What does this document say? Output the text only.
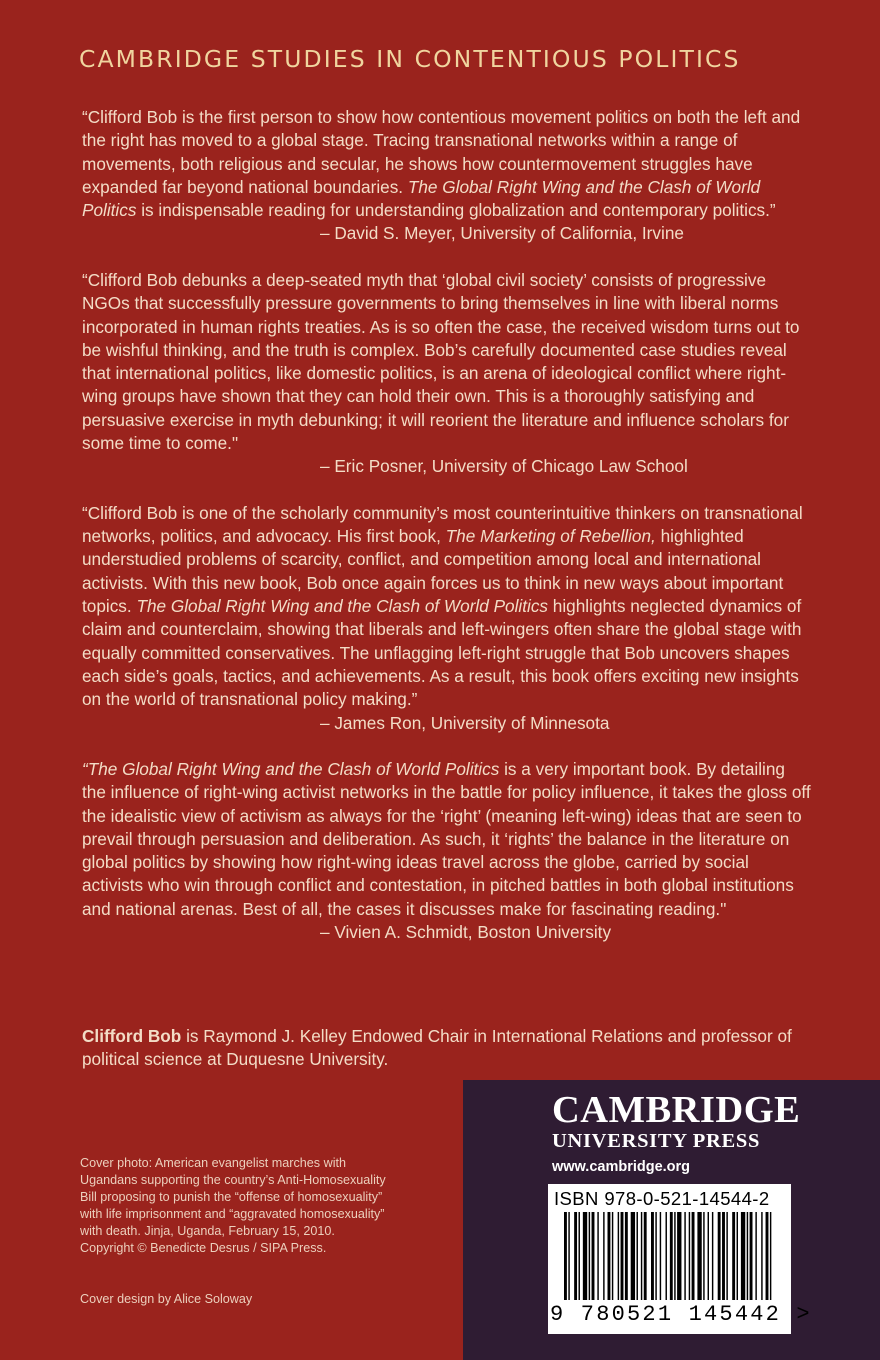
CAMBRIDGE STUDIES IN CONTENTIOUS POLITICS

“Clifford Bob is the first person to show how contentious movement politics on both the left and the right has moved to a global stage. Tracing transnational networks within a range of movements, both religious and secular, he shows how countermovement struggles have expanded far beyond national boundaries. The Global Right Wing and the Clash of World Politics is indispensable reading for understanding globalization and contemporary politics.”

– David S. Meyer, University of California, Irvine

“Clifford Bob debunks a deep-seated myth that ‘global civil society’ consists of progressive NGOs that successfully pressure governments to bring themselves in line with liberal norms incorporated in human rights treaties. As is so often the case, the received wisdom turns out to be wishful thinking, and the truth is complex. Bob’s carefully documented case studies reveal that international politics, like domestic politics, is an arena of ideological conflict where right-wing groups have shown that they can hold their own. This is a thoroughly satisfying and persuasive exercise in myth debunking; it will reorient the literature and influence scholars for some time to come."

– Eric Posner, University of Chicago Law School

“Clifford Bob is one of the scholarly community’s most counterintuitive thinkers on transnational networks, politics, and advocacy. His first book, The Marketing of Rebellion, highlighted understudied problems of scarcity, conflict, and competition among local and international activists. With this new book, Bob once again forces us to think in new ways about important topics. The Global Right Wing and the Clash of World Politics highlights neglected dynamics of claim and counterclaim, showing that liberals and left-wingers often share the global stage with equally committed conservatives. The unflagging left-right struggle that Bob uncovers shapes each side’s goals, tactics, and achievements. As a result, this book offers exciting new insights on the world of transnational policy making.”

– James Ron, University of Minnesota

“The Global Right Wing and the Clash of World Politics is a very important book. By detailing the influence of right-wing activist networks in the battle for policy influence, it takes the gloss off the idealistic view of activism as always for the ‘right’ (meaning left-wing) ideas that are seen to prevail through persuasion and deliberation. As such, it ‘rights’ the balance in the literature on global politics by showing how right-wing ideas travel across the globe, carried by social activists who win through conflict and contestation, in pitched battles in both global institutions and national arenas. Best of all, the cases it discusses make for fascinating reading."

– Vivien A. Schmidt, Boston University

Clifford Bob is Raymond J. Kelley Endowed Chair in International Relations and professor of political science at Duquesne University.

Cover photo: American evangelist marches with Ugandans supporting the country’s Anti-Homosexuality Bill proposing to punish the “offense of homosexuality” with life imprisonment and “aggravated homosexuality” with death. Jinja, Uganda, February 15, 2010.

Copyright © Benedicte Desrus / SIPA Press.

Cover design by Alice Soloway

CAMBRIDGE

UNIVERSITY PRESS

www.cambridge.org

ISBN 978-0-521-14544-2

9 780521 145442 >
